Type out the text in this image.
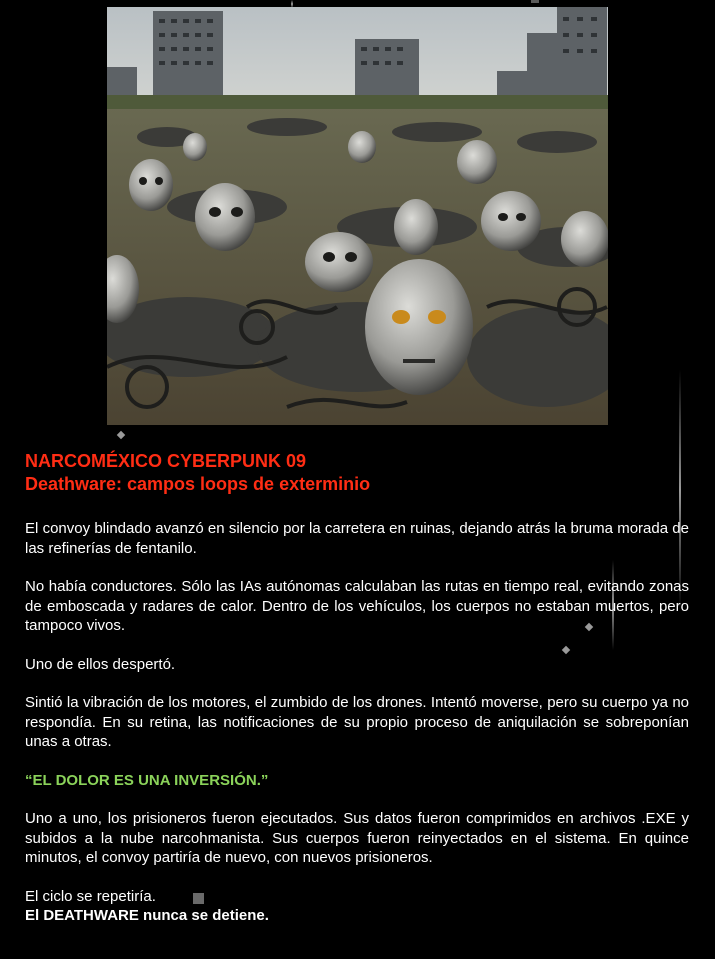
NARCOMÉXICO CYBERPUNK 09
Deathware: campos loops de exterminio

El convoy blindado avanzó en silencio por la carretera en ruinas, dejando atrás la bruma morada de las refinerías de fentanilo.

No había conductores. Sólo las IAs autónomas calculaban las rutas en tiempo real, evitando zonas de emboscada y radares de calor. Dentro de los vehículos, los cuerpos no estaban muertos, pero tampoco vivos.

Uno de ellos despertó.

Sintió la vibración de los motores, el zumbido de los drones. Intentó moverse, pero su cuerpo ya no respondía. En su retina, las notificaciones de su propio proceso de aniquilación se sobreponían unas a otras.

“EL DOLOR ES UNA INVERSIÓN.”

Uno a uno, los prisioneros fueron ejecutados. Sus datos fueron comprimidos en archivos .EXE y subidos a la nube narcohmanista. Sus cuerpos fueron reinyectados en el sistema. En quince minutos, el convoy partiría de nuevo, con nuevos prisioneros.

El ciclo se repetiría.

El DEATHWARE nunca se detiene.
